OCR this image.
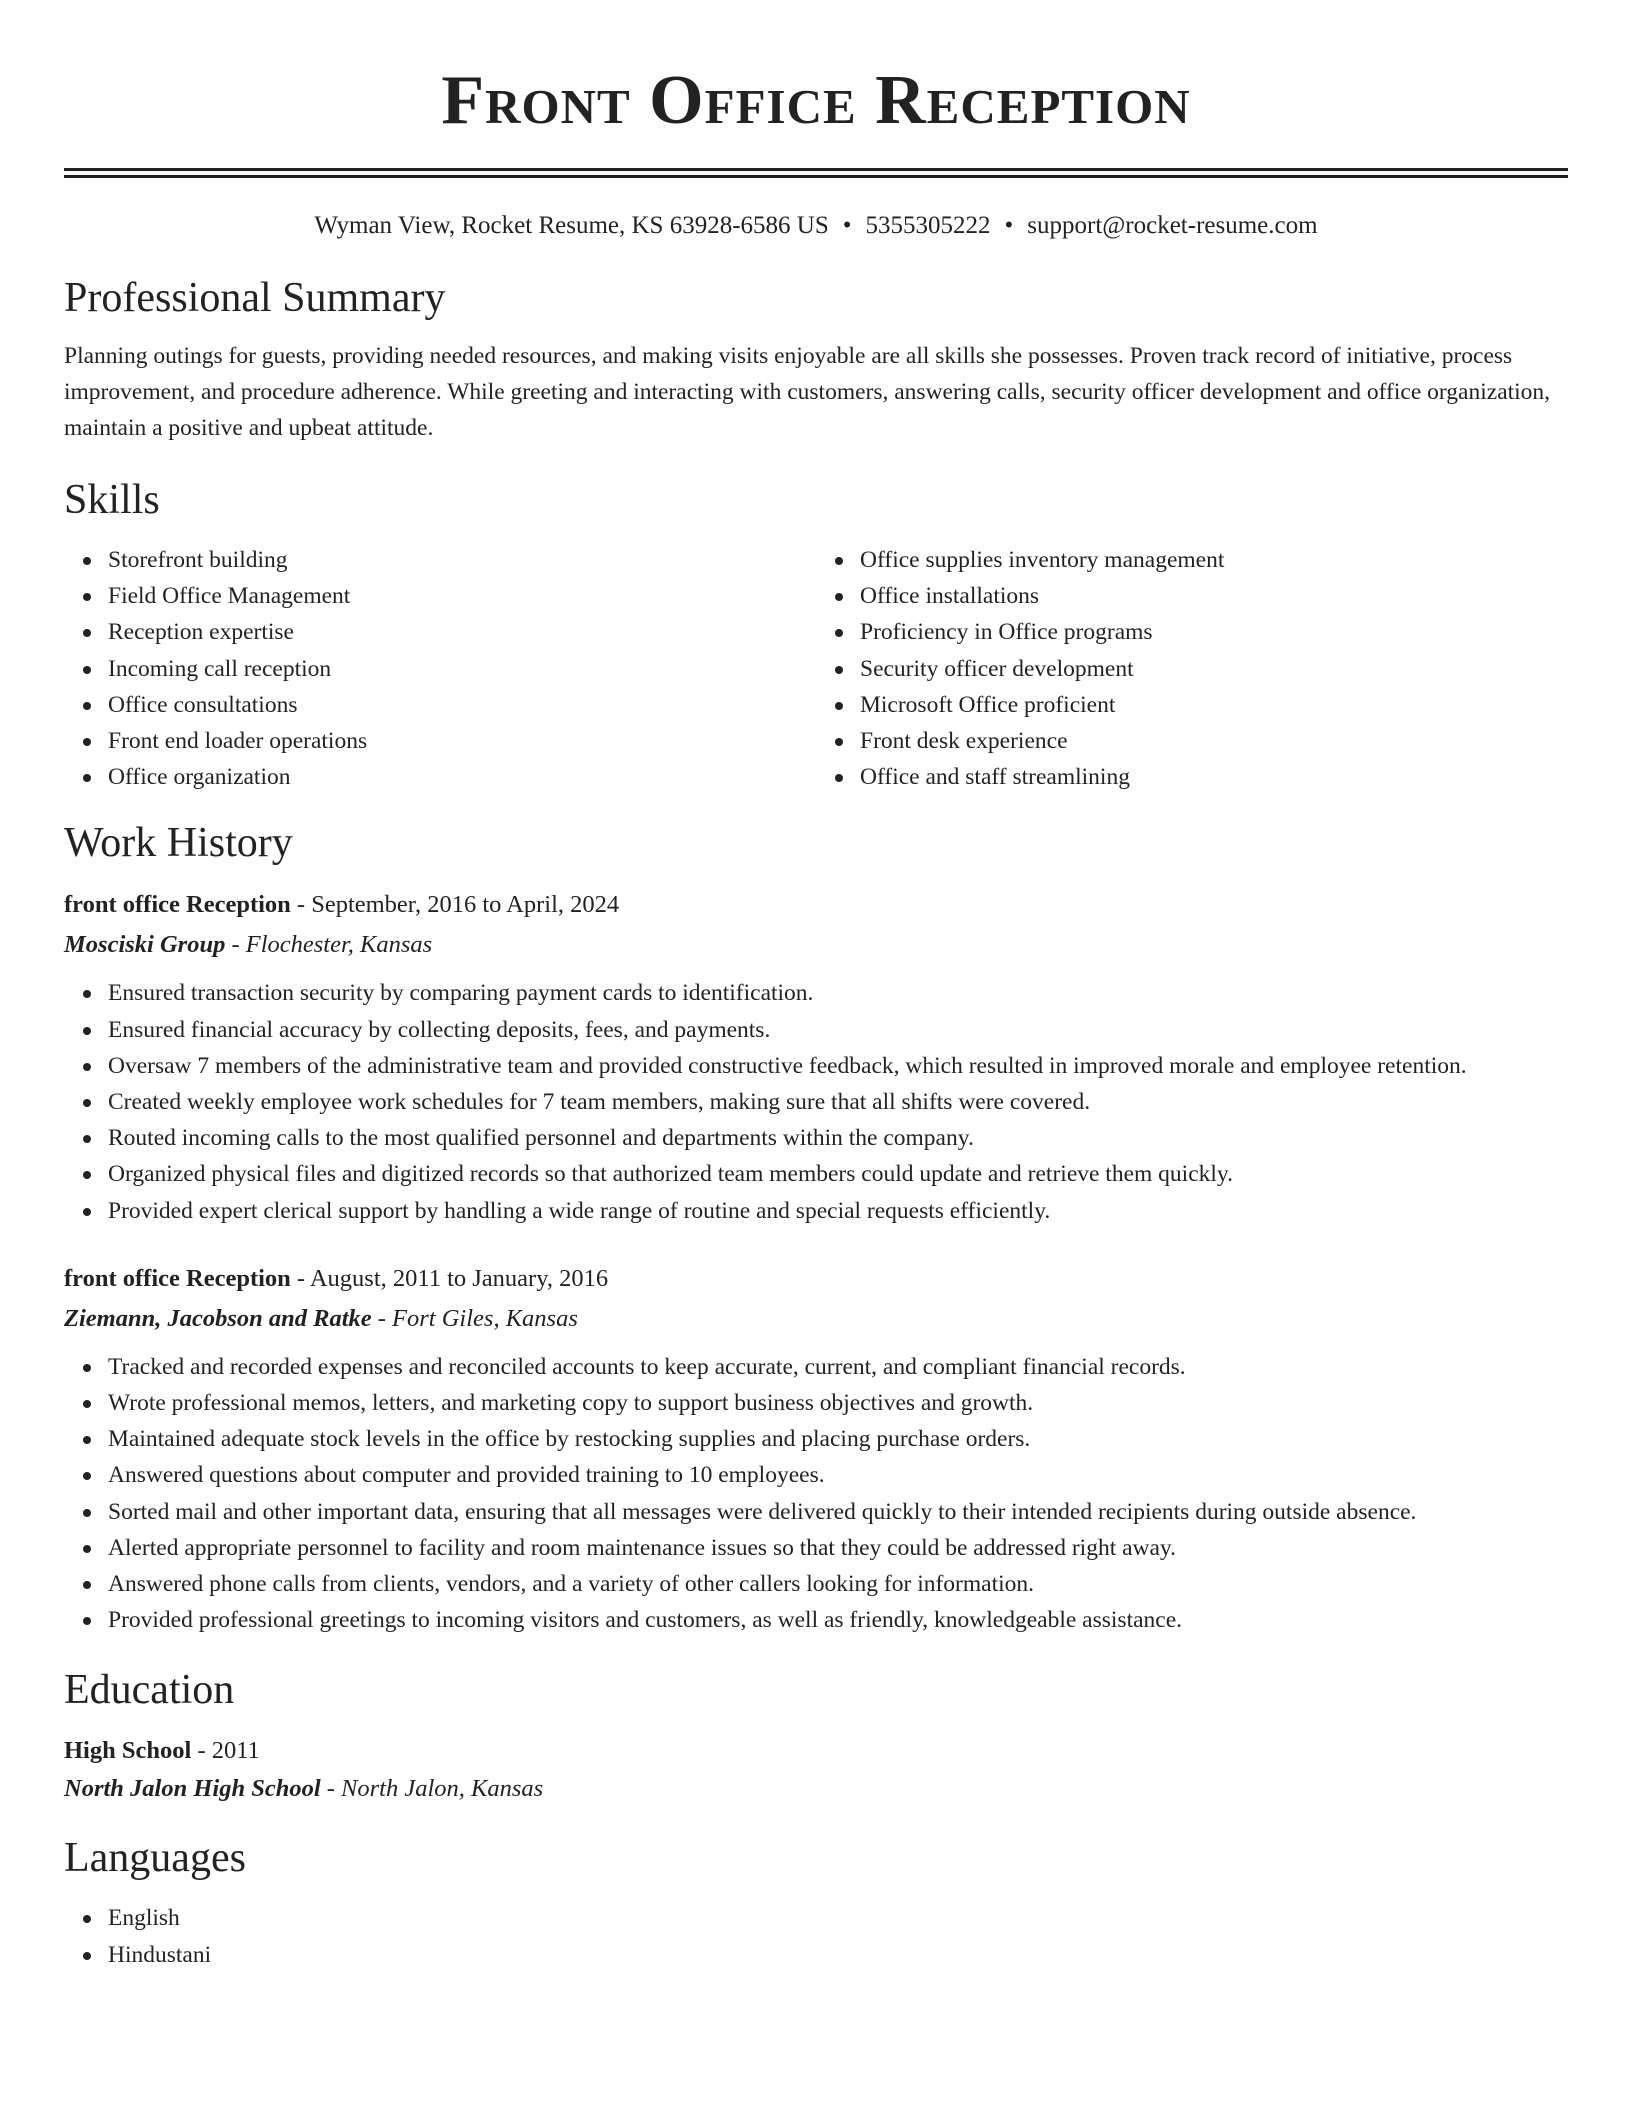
Front Office Reception
Wyman View, Rocket Resume, KS 63928-6586 US • 5355305222 • support@rocket-resume.com
Professional Summary

Planning outings for guests, providing needed resources, and making visits enjoyable are all skills she possesses. Proven track record of initiative, process improvement, and procedure adherence. While greeting and interacting with customers, answering calls, security officer development and office organization, maintain a positive and upbeat attitude.

Skills
Storefront building
Field Office Management
Reception expertise
Incoming call reception
Office consultations
Front end loader operations
Office organization
Office supplies inventory management
Office installations
Proficiency in Office programs
Security officer development
Microsoft Office proficient
Front desk experience
Office and staff streamlining
Work History
front office Reception - September, 2016 to April, 2024
Mosciski Group - Flochester, Kansas
Ensured transaction security by comparing payment cards to identification.
Ensured financial accuracy by collecting deposits, fees, and payments.
Oversaw 7 members of the administrative team and provided constructive feedback, which resulted in improved morale and employee retention.
Created weekly employee work schedules for 7 team members, making sure that all shifts were covered.
Routed incoming calls to the most qualified personnel and departments within the company.
Organized physical files and digitized records so that authorized team members could update and retrieve them quickly.
Provided expert clerical support by handling a wide range of routine and special requests efficiently.
front office Reception - August, 2011 to January, 2016
Ziemann, Jacobson and Ratke - Fort Giles, Kansas
Tracked and recorded expenses and reconciled accounts to keep accurate, current, and compliant financial records.
Wrote professional memos, letters, and marketing copy to support business objectives and growth.
Maintained adequate stock levels in the office by restocking supplies and placing purchase orders.
Answered questions about computer and provided training to 10 employees.
Sorted mail and other important data, ensuring that all messages were delivered quickly to their intended recipients during outside absence.
Alerted appropriate personnel to facility and room maintenance issues so that they could be addressed right away.
Answered phone calls from clients, vendors, and a variety of other callers looking for information.
Provided professional greetings to incoming visitors and customers, as well as friendly, knowledgeable assistance.
Education
High School - 2011
North Jalon High School - North Jalon, Kansas
Languages
English
Hindustani
